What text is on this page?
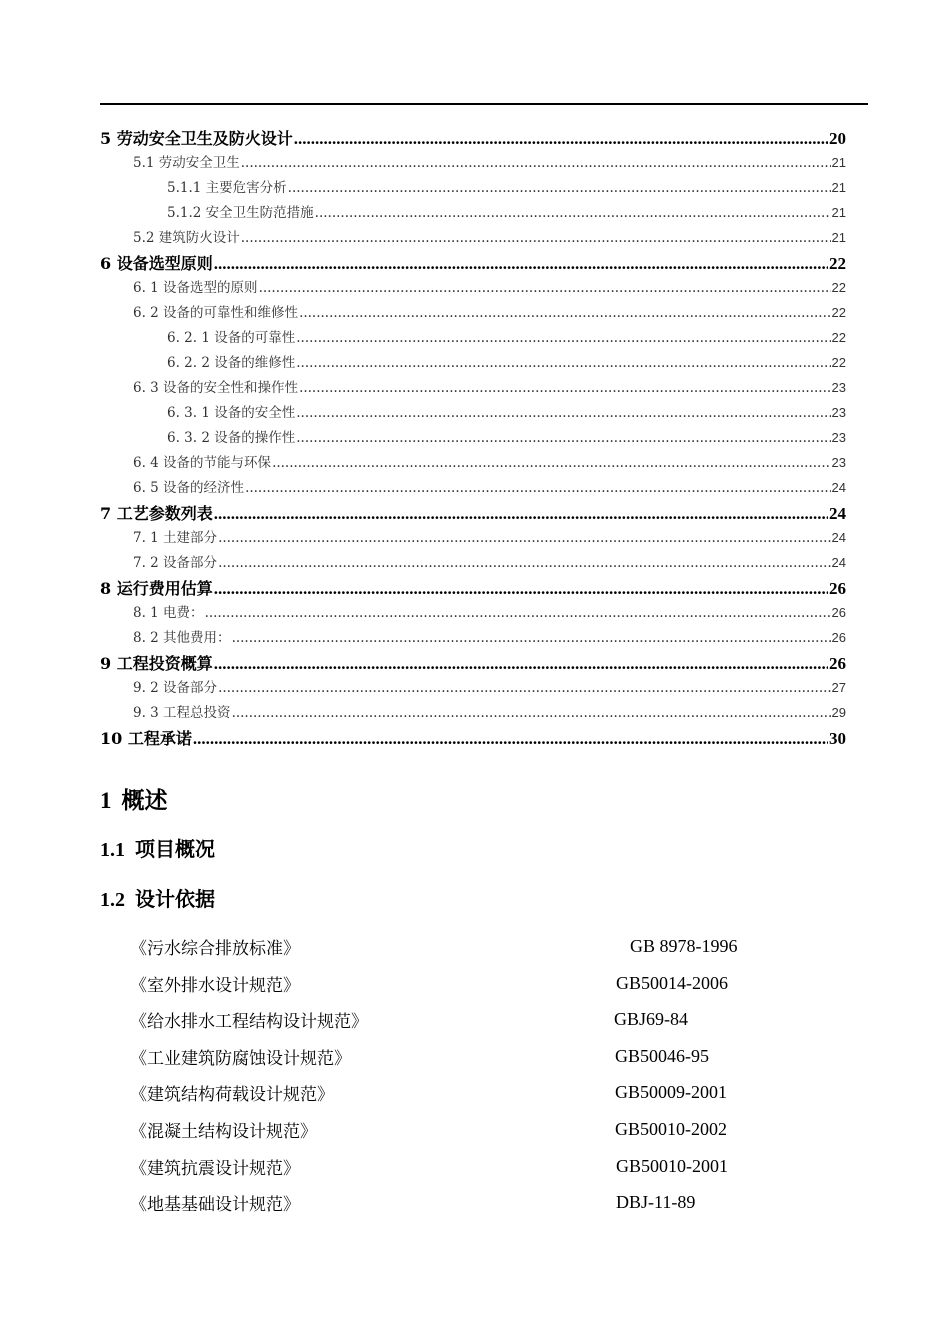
5 劳动安全卫生及防火设计 .....	20
5.1 劳动安全卫生 .....	21
5.1.1 主要危害分析 .....	21
5.1.2 安全卫生防范措施 .....	21
5.2 建筑防火设计 .....	21
6 设备选型原则 .....	22
6. 1 设备选型的原则 .....	22
6. 2 设备的可靠性和维修性 .....	22
6. 2. 1 设备的可靠性 .....	22
6. 2. 2 设备的维修性 .....	22
6. 3 设备的安全性和操作性 .....	23
6. 3. 1 设备的安全性 .....	23
6. 3. 2 设备的操作性 .....	23
6. 4 设备的节能与环保 .....	23
6. 5 设备的经济性 .....	24
7 工艺参数列表 .....	24
7. 1 土建部分 .....	24
7. 2 设备部分 .....	24
8 运行费用估算 .....	26
8. 1 电费： .....	26
8. 2 其他费用： .....	26
9 工程投资概算 .....	26
9. 2 设备部分 .....	27
9. 3 工程总投资 .....	29
10 工程承诺 .....	30
1 概述
1.1 项目概况
1.2 设计依据
《污水综合排放标准》	GB 8978-1996
《室外排水设计规范》	GB50014-2006
《给水排水工程结构设计规范》	GBJ69-84
《工业建筑防腐蚀设计规范》	GB50046-95
《建筑结构荷载设计规范》	GB50009-2001
《混凝土结构设计规范》	GB50010-2002
《建筑抗震设计规范》	GB50010-2001
《地基基础设计规范》	DBJ-11-89
